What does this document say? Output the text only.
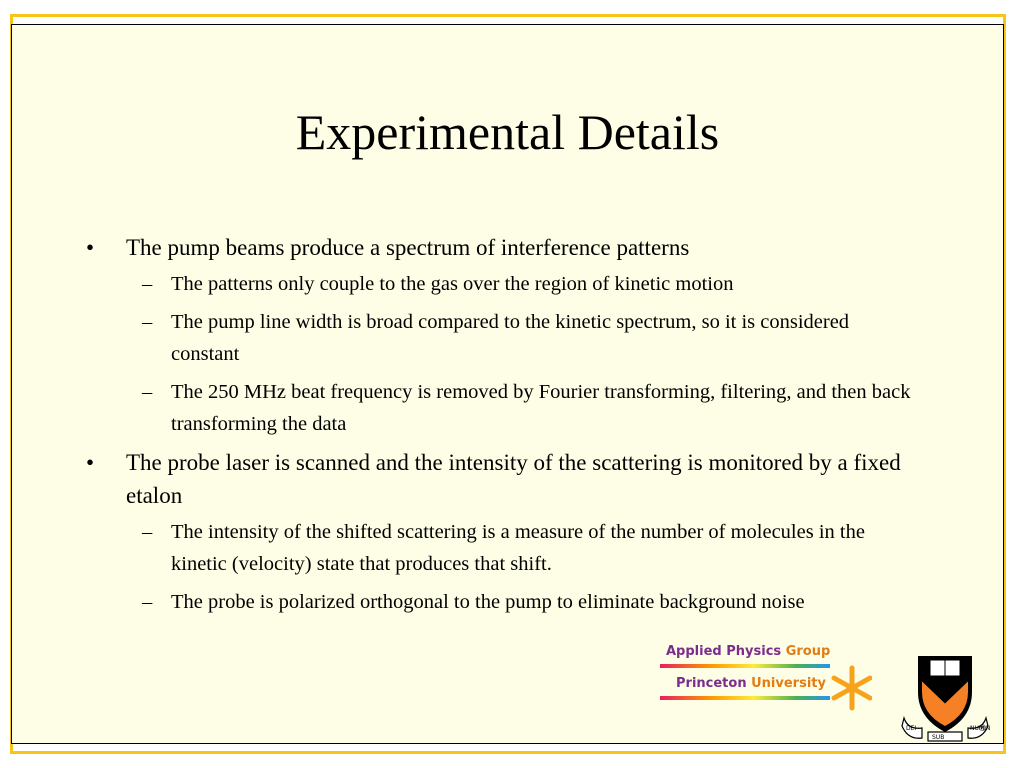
Experimental Details
• The pump beams produce a spectrum of interference patterns
– The patterns only couple to the gas over the region of kinetic motion
– The pump line width is broad compared to the kinetic spectrum, so it is considered constant
– The 250 MHz beat frequency is removed by Fourier transforming, filtering, and then back transforming the data
• The probe laser is scanned and the intensity of the scattering is monitored by a fixed etalon
– The intensity of the shifted scattering is a measure of the number of molecules in the kinetic (velocity) state that produces that shift.
– The probe is polarized orthogonal to the pump to eliminate background noise
Applied Physics Group
Princeton University
DEI	NUMIN
SUB
®
